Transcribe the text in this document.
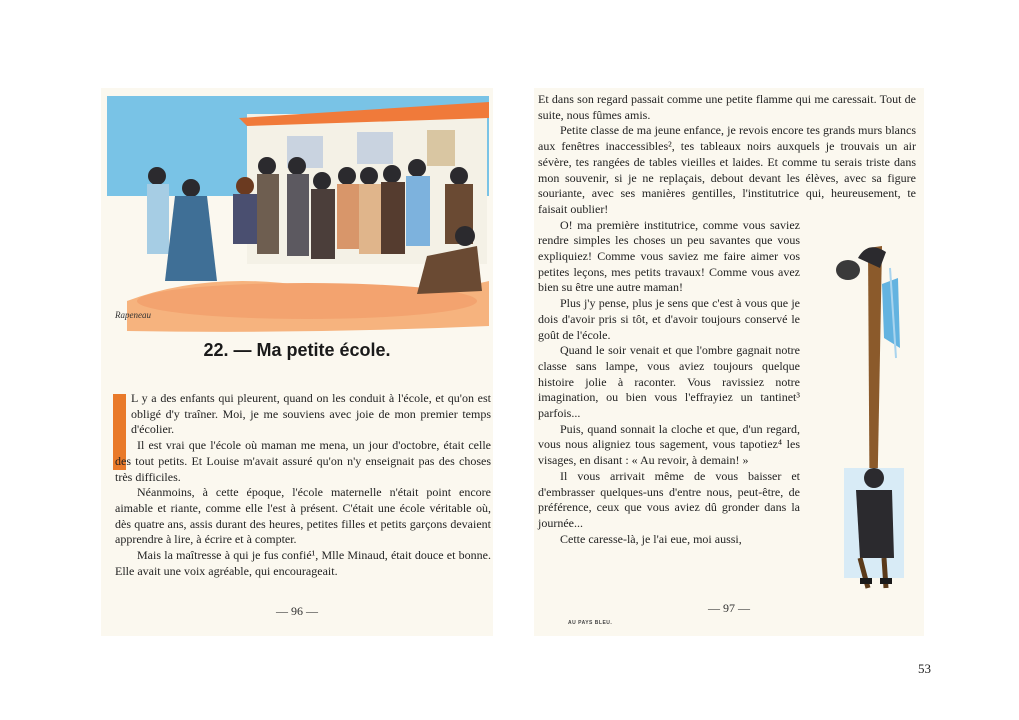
Rapeneau
22. — Ma petite école.

L y a des enfants qui pleurent, quand on les conduit à l'école, et qu'on est obligé d'y traîner. Moi, je me souviens avec joie de mon premier temps d'écolier.

Il est vrai que l'école où maman me mena, un jour d'octobre, était celle des tout petits. Et Louise m'avait assuré qu'on n'y enseignait pas des choses très difficiles.

Néanmoins, à cette époque, l'école maternelle n'était point encore aimable et riante, comme elle l'est à présent. C'était une école véritable où, dès quatre ans, assis durant des heures, petites filles et petits garçons devaient apprendre à lire, à écrire et à compter.

Mais la maîtresse à qui je fus confié¹, Mlle Minaud, était douce et bonne. Elle avait une voix agréable, qui encourageait.

— 96 —

Et dans son regard passait comme une petite flamme qui me caressait. Tout de suite, nous fûmes amis.

Petite classe de ma jeune enfance, je revois encore tes grands murs blancs aux fenêtres inaccessibles², tes tableaux noirs auxquels je trouvais un air sévère, tes rangées de tables vieilles et laides. Et comme tu serais triste dans mon souvenir, si je ne replaçais, debout devant les élèves, avec sa figure souriante, avec ses manières gentilles, l'institutrice qui, heureusement, te faisait oublier!

O! ma première institutrice, comme vous saviez rendre simples les choses un peu savantes que vous expliquiez! Comme vous saviez me faire aimer vos petites leçons, mes petits travaux! Comme vous avez bien su être une autre maman!

Plus j'y pense, plus je sens que c'est à vous que je dois d'avoir pris si tôt, et d'avoir toujours conservé le goût de l'école.

Quand le soir venait et que l'ombre gagnait notre classe sans lampe, vous aviez toujours quelque histoire jolie à raconter. Vous ravissiez notre imagination, ou bien vous l'effrayiez un tantinet³ parfois...

Puis, quand sonnait la cloche et que, d'un regard, vous nous aligniez tous sagement, vous tapotiez⁴ les visages, en disant : « Au revoir, à demain! »

Il vous arrivait même de vous baisser et d'embrasser quelques-uns d'entre nous, peut-être, de préférence, ceux que vous aviez dû gronder dans la journée...

Cette caresse-là, je l'ai eue, moi aussi,

— 97 —
AU PAYS BLEU.
53
